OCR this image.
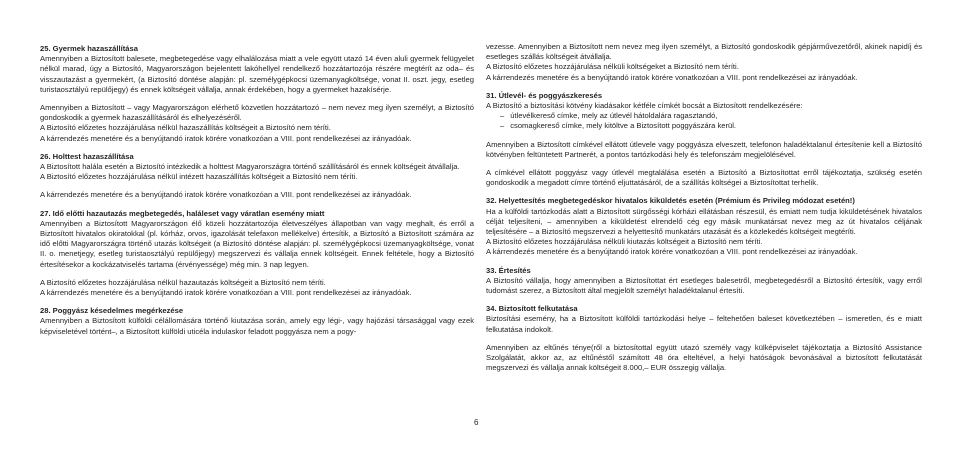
25. Gyermek hazaszállítása

Amennyiben a Biztosított balesete, megbetegedése vagy elhalálozása miatt a vele együtt utazó 14 éven aluli gyermek felügyelet nélkül marad, úgy a Biztosító, Magyarországon bejelentett lakóhellyel rendelkező hozzátartozója részére megtérít az oda– és visszautazást a gyermekért, (a Biztosító döntése alapján: pl. személygépkocsi üzemanyagköltsége, vonat II. oszt. jegy, esetleg turistaosztályú repülőjegy) és ennek költségeit vállalja, annak érdekében, hogy a gyermeket hazakísérje.

Amennyiben a Biztosított – vagy Magyarországon elérhető közvetlen hozzátartozó – nem nevez meg ilyen személyt, a Biztosító gondoskodik a gyermek hazaszállításáról és elhelyezéséről.

A Biztosító előzetes hozzájárulása nélkül hazaszállítás költségeit a Biztosító nem téríti.

A kárrendezés menetére és a benyújtandó iratok körére vonatkozóan a VIII. pont rendelkezései az irányadóak.

26. Holttest hazaszállítása

A Biztosított halála esetén a Biztosító intézkedik a holttest Magyarországra történő szállításáról és ennek költségeit átvállalja.

A Biztosító előzetes hozzájárulása nélkül intézett hazaszállítás költségeit a Biztosító nem téríti.

A kárrendezés menetére és a benyújtandó iratok körére vonatkozóan a VIII. pont rendelkezései az irányadóak.

27. Idő előtti hazautazás megbetegedés, haláleset vagy váratlan esemény miatt

Amennyiben a Biztosított Magyarországon élő közeli hozzátartozója életveszélyes állapotban van vagy meghalt, és erről a Biztosított hivatalos okiratokkal (pl. kórház, orvos, igazolását telefaxon mellékelve) értesítik, a Biztosító a Biztosított számára az idő előtti Magyarországra történő utazás költségeit (a Biztosító döntése alapján: pl. személygépkocsi üzemanyagköltsége, vonat II. o. menetjegy, esetleg turistaosztályú repülőjegy) megszervezi és vállalja ennek költségeit. Ennek feltétele, hogy a Biztosító értesítésekor a kockázatviselés tartama (érvényessége) még min. 3 nap legyen.

A Biztosító előzetes hozzájárulása nélkül hazautazás költségeit a Biztosító nem téríti.

A kárrendezés menetére és a benyújtandó iratok körére vonatkozóan a VIII. pont rendelkezései az irányadóak.

28. Poggyász késedelmes megérkezése

Amennyiben a Biztosított külföldi célállomására történő kiutazása során, amely egy légi-, vagy hajózási társasággal vagy ezek képviseletével történt–, a Biztosított külföldi uticéla indulaskor feladott poggyásza nem a pogy-

vezesse. Amennyiben a Biztosított nem nevez meg ilyen személyt, a Biztosító gondoskodik gépjárművezetőről, akinek napidíj és esetleges szállás költségeit átvállalja.

A Biztosító előzetes hozzájárulása nélküli költségeket a Biztosító nem téríti.

A kárrendezés menetére és a benyújtandó iratok körére vonatkozóan a VIII. pont rendelkezései az irányadóak.

31. Útlevél- és poggyászkeresés

A Biztosító a biztosítási kötvény kiadásakor kétféle címkét bocsát a Biztosított rendelkezésére:

– útlevélkereső címke, mely az útlevél hátoldalára ragasztandó,
– csomagkereső címke, mely kitöltve a Biztosított poggyászára kerül.

Amennyiben a Biztosított címkével ellátott útlevele vagy poggyásza elveszett, telefonon haladéktalanul értesítenie kell a Biztosító kötvényben feltüntetett Partnerét, a pontos tartózkodási hely és telefonszám megjelölésével.

A címkével ellátott poggyász vagy útlevél megtalálása esetén a Biztosító a Biztosítottat erről tájékoztatja, szükség esetén gondoskodik a megadott címre történő eljuttatásáról, de a szállítás költségei a Biztosítottat terhelik.

32. Helyettesítés megbetegedéskor hivatalos kiküldetés esetén (Prémium és Privileg módozat esetén!)

Ha a külföldi tartózkodás alatt a Biztosított sürgősségi kórházi ellátásban részesül, és emiatt nem tudja kiküldetésének hivatalos célját teljesíteni, – amennyiben a kiküldetést elrendelő cég egy másik munkatársat nevez meg az út hivatalos céljának teljesítésére – a Biztosító megszervezi a helyettesítő munkatárs utazását és a közlekedés költségeit megtéríti.

A Biztosító előzetes hozzájárulása nélküli kiutazás költségeit a Biztosító nem téríti.

A kárrendezés menetére és a benyújtandó iratok körére vonatkozóan a VIII. pont rendelkezései az irányadóak.

33. Értesítés

A Biztosító vállalja, hogy amennyiben a Biztosítottat ért esetleges balesetről, megbetegedésről a Biztosító értesítik, vagy erről tudomást szerez, a Biztosított által megjelölt személyt haladéktalanul értesíti.

34. Biztosított felkutatása

Biztosítási esemény, ha a Biztosított külföldi tartózkodási helye – feltehetően baleset következtében – ismeretlen, és e miatt felkutatása indokolt.

Amennyiben az eltűnés ténye(ről a biztosítottal együtt utazó személy vagy külképviselet tájékoztatja a Biztosító Assistance Szolgálatát, akkor az, az eltűnéstől számított 48 óra elteltével, a helyi hatóságok bevonásával a biztosított felkutatását megszervezi és vállalja annak költségeit 8.000,– EUR összegig vállalja.

6
